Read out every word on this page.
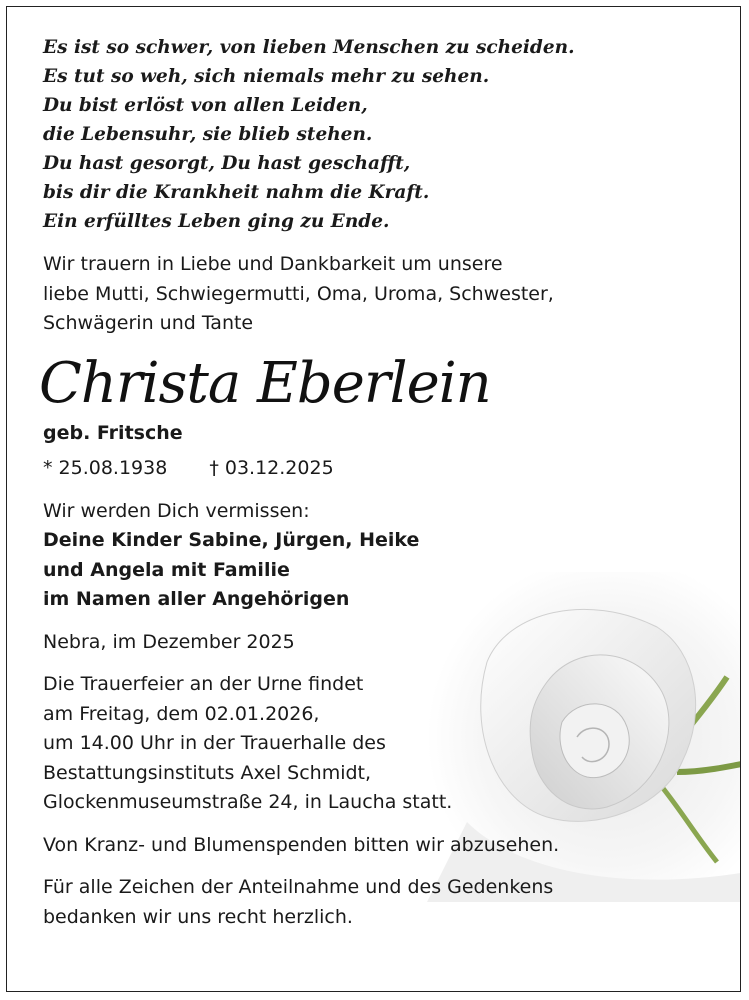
Es ist so schwer, von lieben Menschen zu scheiden.
Es tut so weh, sich niemals mehr zu sehen.
Du bist erlöst von allen Leiden,
die Lebensuhr, sie blieb stehen.
Du hast gesorgt, Du hast geschafft,
bis dir die Krankheit nahm die Kraft.
Ein erfülltes Leben ging zu Ende.
Wir trauern in Liebe und Dankbarkeit um unsere
liebe Mutti, Schwiegermutti, Oma, Uroma, Schwester,
Schwägerin und Tante
Christa Eberlein
geb. Fritsche
* 25.08.1938 † 03.12.2025
Wir werden Dich vermissen:
Deine Kinder Sabine, Jürgen, Heike
und Angela mit Familie
im Namen aller Angehörigen
Nebra, im Dezember 2025
Die Trauerfeier an der Urne findet
am Freitag, dem 02.01.2026,
um 14.00 Uhr in der Trauerhalle des
Bestattungsinstituts Axel Schmidt,
Glockenmuseumstraße 24, in Laucha statt.
Von Kranz- und Blumenspenden bitten wir abzusehen.
Für alle Zeichen der Anteilnahme und des Gedenkens
bedanken wir uns recht herzlich.
